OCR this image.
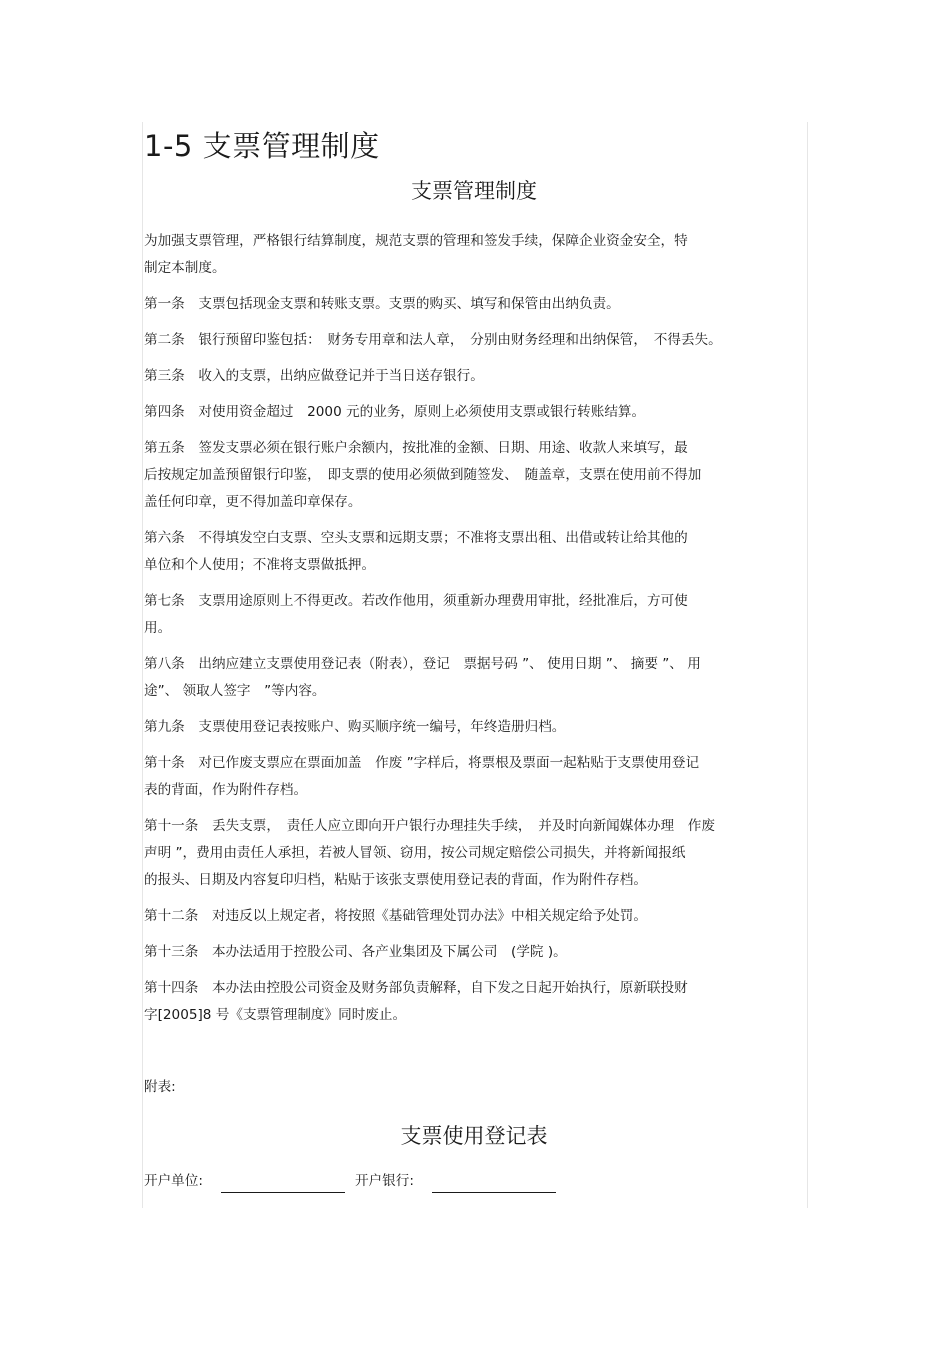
1-5 支票管理制度
支票管理制度

为加强支票管理，严格银行结算制度，规范支票的管理和签发手续，保障企业资金安全，特
制定本制度。

第一条　支票包括现金支票和转账支票。支票的购买、填写和保管由出纳负责。

第二条　银行预留印鉴包括：　财务专用章和法人章，　分别由财务经理和出纳保管，　不得丢失。

第三条　收入的支票，出纳应做登记并于当日送存银行。

第四条　对使用资金超过　2000 元的业务，原则上必须使用支票或银行转账结算。

第五条　签发支票必须在银行账户余额内，按批准的金额、日期、用途、收款人来填写，最
后按规定加盖预留银行印鉴，　即支票的使用必须做到随签发、　随盖章，支票在使用前不得加
盖任何印章，更不得加盖印章保存。

第六条　不得填发空白支票、空头支票和远期支票；不准将支票出租、出借或转让给其他的
单位和个人使用；不准将支票做抵押。

第七条　支票用途原则上不得更改。若改作他用，须重新办理费用审批，经批准后，方可使
用。

第八条　出纳应建立支票使用登记表（附表），登记　票据号码 ”、 使用日期 ”、 摘要 ”、 用
途”、 领取人签字　”等内容。

第九条　支票使用登记表按账户、购买顺序统一编号，年终造册归档。

第十条　对已作废支票应在票面加盖　作废 ”字样后，将票根及票面一起粘贴于支票使用登记
表的背面，作为附件存档。

第十一条　丢失支票，　责任人应立即向开户银行办理挂失手续，　并及时向新闻媒体办理　作废
声明 ”，费用由责任人承担，若被人冒领、窃用，按公司规定赔偿公司损失，并将新闻报纸
的报头、日期及内容复印归档，粘贴于该张支票使用登记表的背面，作为附件存档。

第十二条　对违反以上规定者，将按照《基础管理处罚办法》中相关规定给予处罚。

第十三条　本办法适用于控股公司、各产业集团及下属公司　(学院 )。

第十四条　本办法由控股公司资金及财务部负责解释，自下发之日起开始执行，原新联投财
字[2005]8 号《支票管理制度》同时废止。

附表:

支票使用登记表
开户单位:	开户银行:
